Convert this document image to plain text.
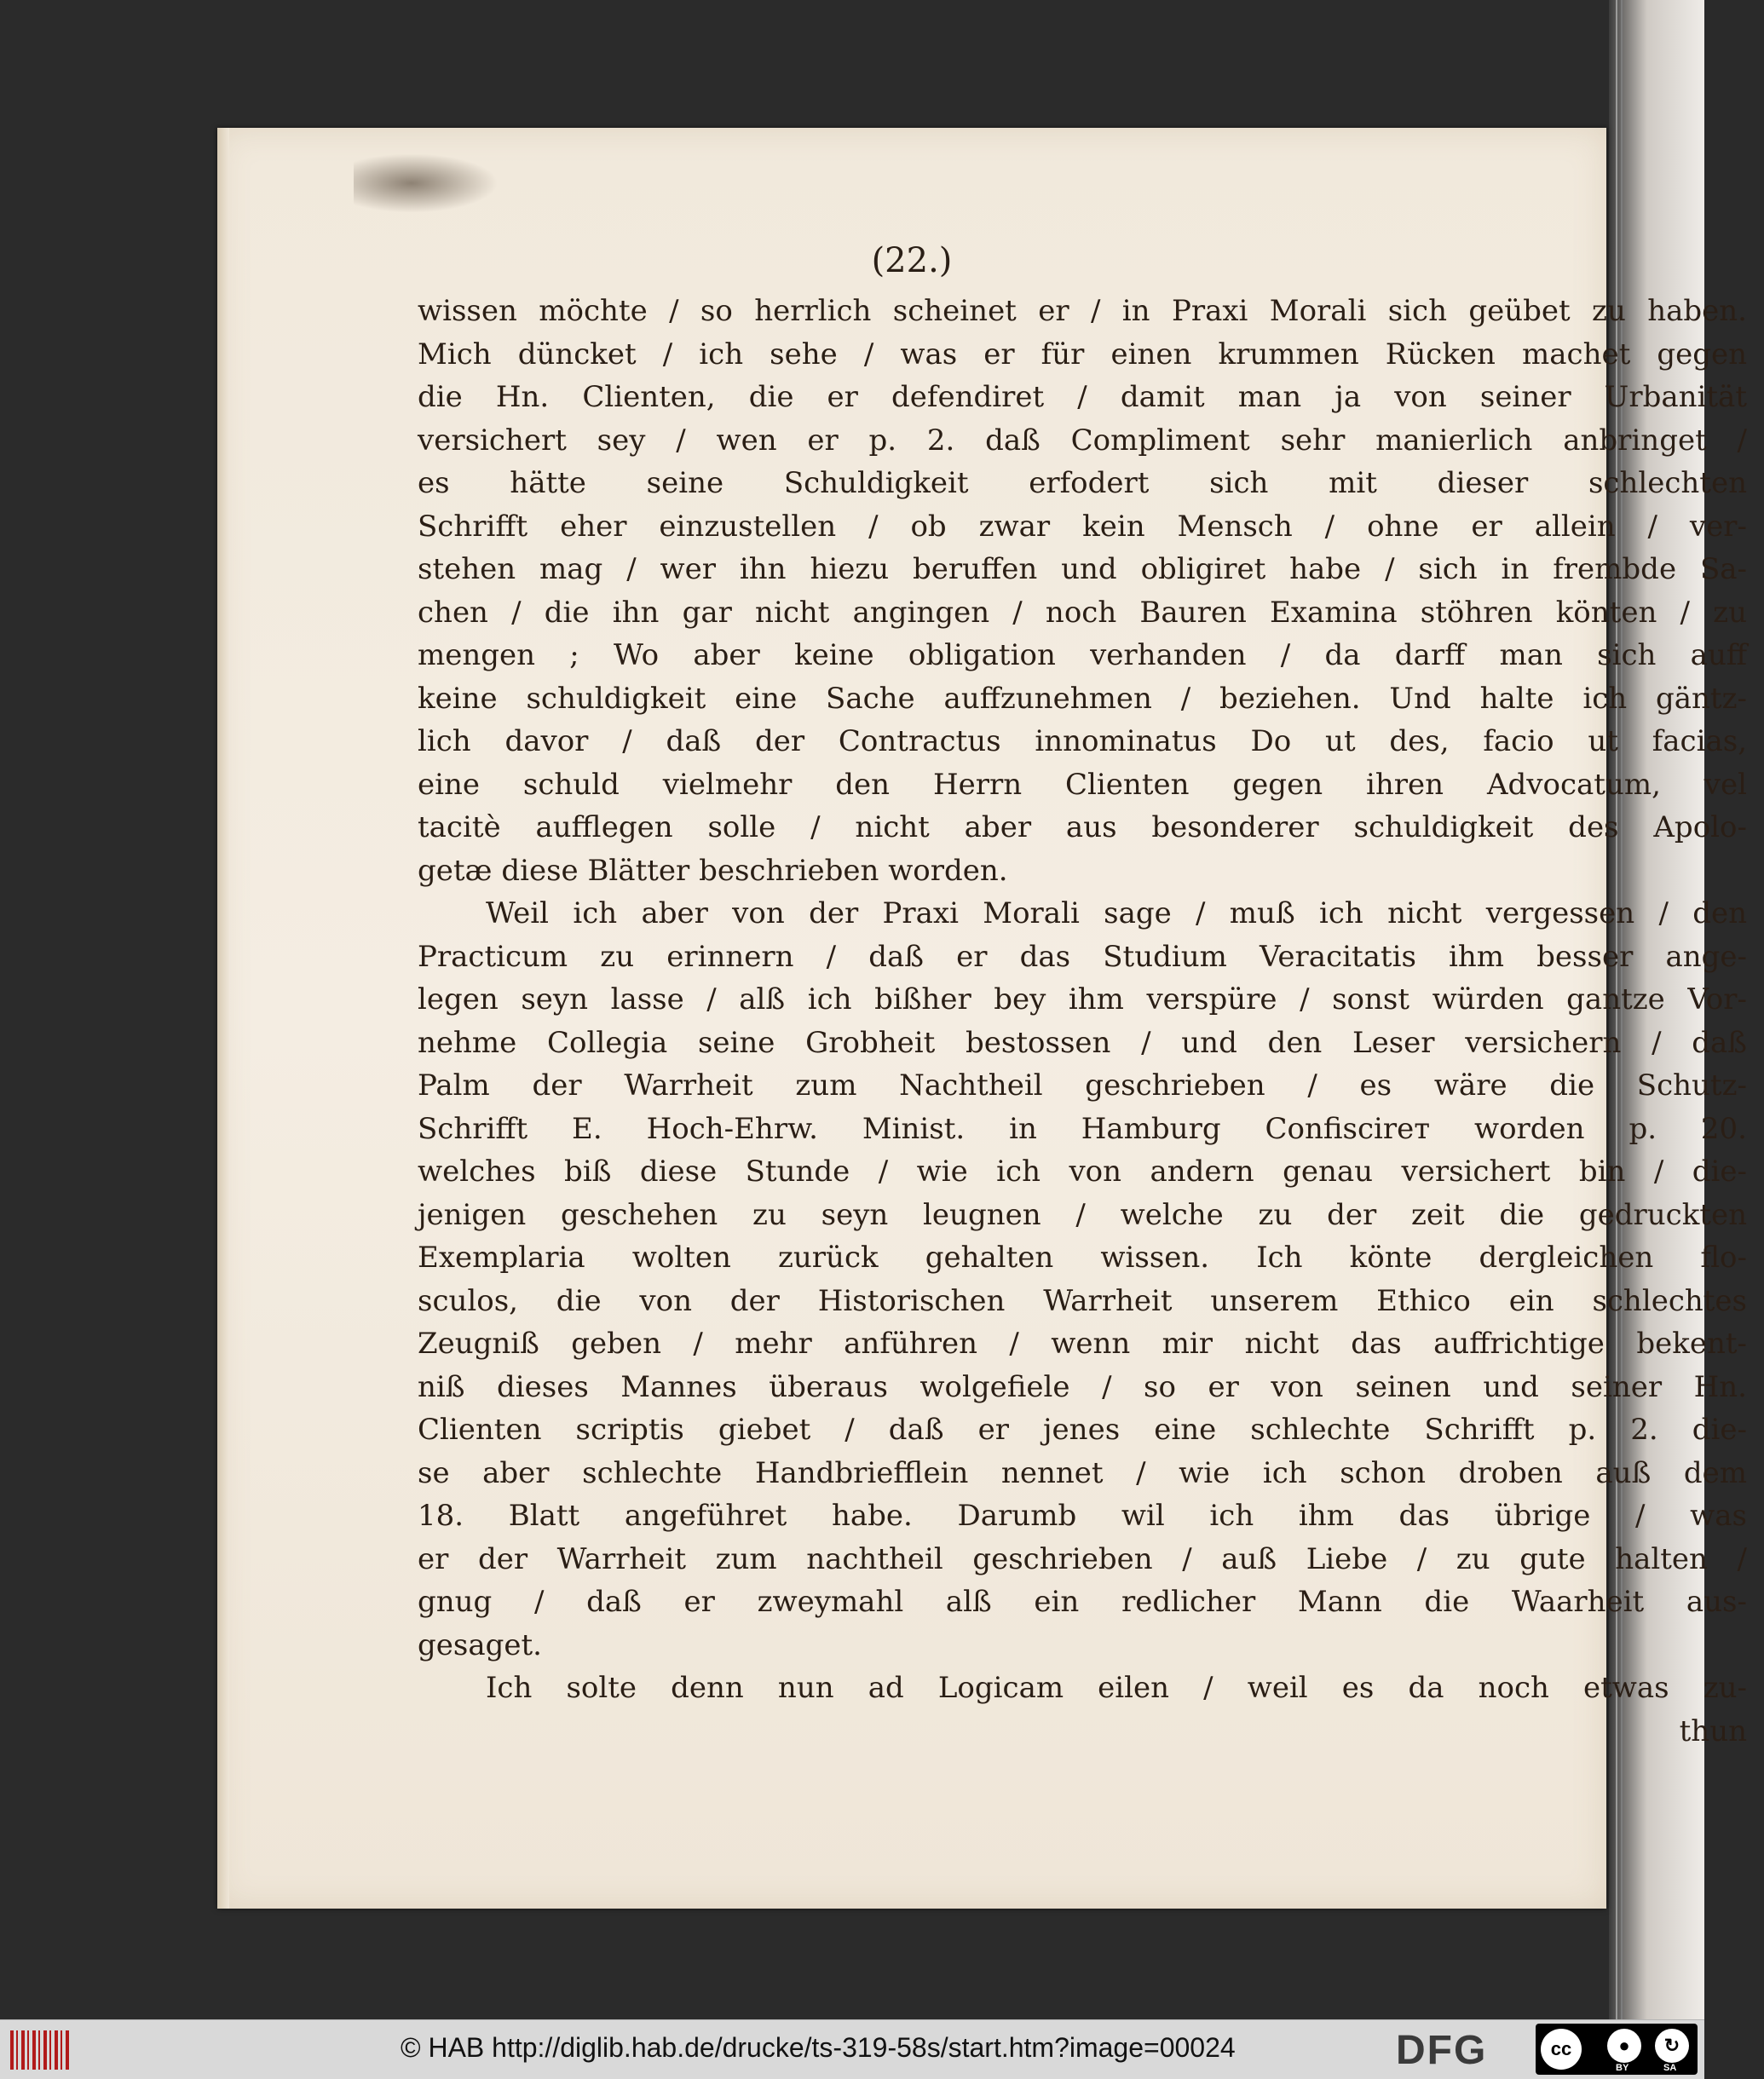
(22.)
wissen möchte / so herrlich scheinet er / in Praxi Morali sich geübet zu haben.
Mich düncket / ich sehe / was er für einen krummen Rücken machet gegen
die Hn. Clienten, die er defendiret / damit man ja von seiner Urbanität
versichert sey / wen er p. 2. daß Compliment sehr manierlich anbringet /
es hätte seine Schuldigkeit erfodert sich mit dieser schlechten
Schrifft eher einzustellen / ob zwar kein Mensch / ohne er allein / ver-
stehen mag / wer ihn hiezu beruffen und obligiret habe / sich in frembde Sa-
chen / die ihn gar nicht angingen / noch Bauren Examina stöhren könten / zu
mengen ; Wo aber keine obligation verhanden / da darff man sich auff
keine schuldigkeit eine Sache auffzunehmen / beziehen. Und halte ich gäntz-
lich davor / daß der Contractus innominatus Do ut des, facio ut facias,
eine schuld vielmehr den Herrn Clienten gegen ihren Advocatum, vel
tacitè aufflegen solle / nicht aber aus besonderer schuldigkeit des Apolo-
getæ diese Blätter beschrieben worden.
Weil ich aber von der Praxi Morali sage / muß ich nicht vergessen / den
Practicum zu erinnern / daß er das Studium Veracitatis ihm besser ange-
legen seyn lasse / alß ich bißher bey ihm verspüre / sonst würden gantze Vor-
nehme Collegia seine Grobheit bestossen / und den Leser versichern / daß
Palm der Warrheit zum Nachtheil geschrieben / es wäre die Schutz-
Schrifft E. Hoch-Ehrw. Minist. in Hamburg Confiscirет worden p. 20.
welches biß diese Stunde / wie ich von andern genau versichert bin / die-
jenigen geschehen zu seyn leugnen / welche zu der zeit die gedruckten
Exemplaria wolten zurück gehalten wissen. Ich könte dergleichen flo-
sculos, die von der Historischen Warrheit unserem Ethico ein schlechtes
Zeugniß geben / mehr anführen / wenn mir nicht das auffrichtige bekent-
niß dieses Mannes überaus wolgefiele / so er von seinen und seiner Hn.
Clienten scriptis giebet / daß er jenes eine schlechte Schrifft p. 2. die-
se aber schlechte Handbriefflein nennet / wie ich schon droben auß dem
18. Blatt angeführet habe. Darumb wil ich ihm das übrige / was
er der Warrheit zum nachtheil geschrieben / auß Liebe / zu gute halten /
gnug / daß er zweymahl alß ein redlicher Mann die Waarheit aus-
gesaget.
Ich solte denn nun ad Logicam eilen / weil es da noch etwas zu-
thun
© HAB http://diglib.hab.de/drucke/ts-319-58s/start.htm?image=00024	DFG	cc	●	↻
BY	SA
